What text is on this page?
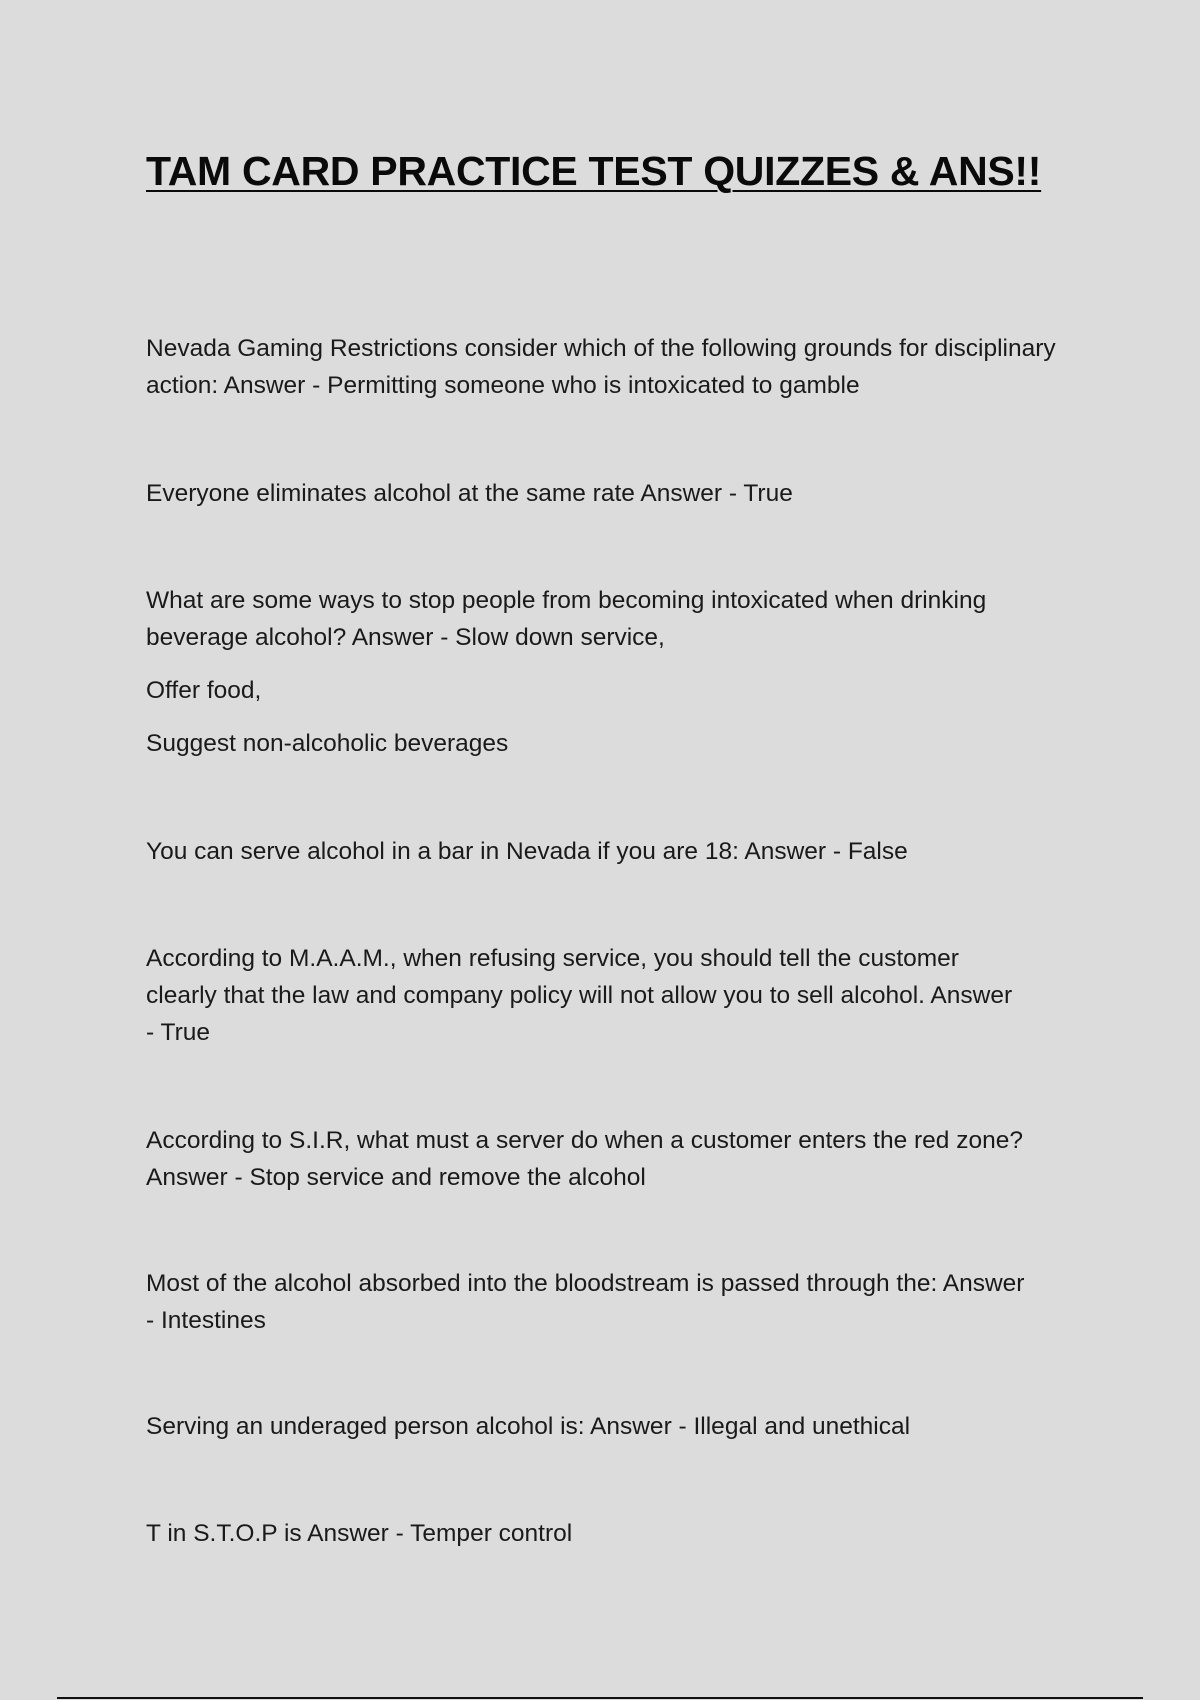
TAM CARD PRACTICE TEST QUIZZES & ANS!!

Nevada Gaming Restrictions consider which of the following grounds for disciplinary action: Answer - Permitting someone who is intoxicated to gamble

Everyone eliminates alcohol at the same rate Answer - True

What are some ways to stop people from becoming intoxicated when drinking beverage alcohol? Answer - Slow down service,

Offer food,

Suggest non-alcoholic beverages

You can serve alcohol in a bar in Nevada if you are 18: Answer - False

According to M.A.A.M., when refusing service, you should tell the customer clearly that the law and company policy will not allow you to sell alcohol. Answer - True

According to S.I.R, what must a server do when a customer enters the red zone? Answer - Stop service and remove the alcohol

Most of the alcohol absorbed into the bloodstream is passed through the: Answer - Intestines

Serving an underaged person alcohol is: Answer - Illegal and unethical

T in S.T.O.P is Answer - Temper control
